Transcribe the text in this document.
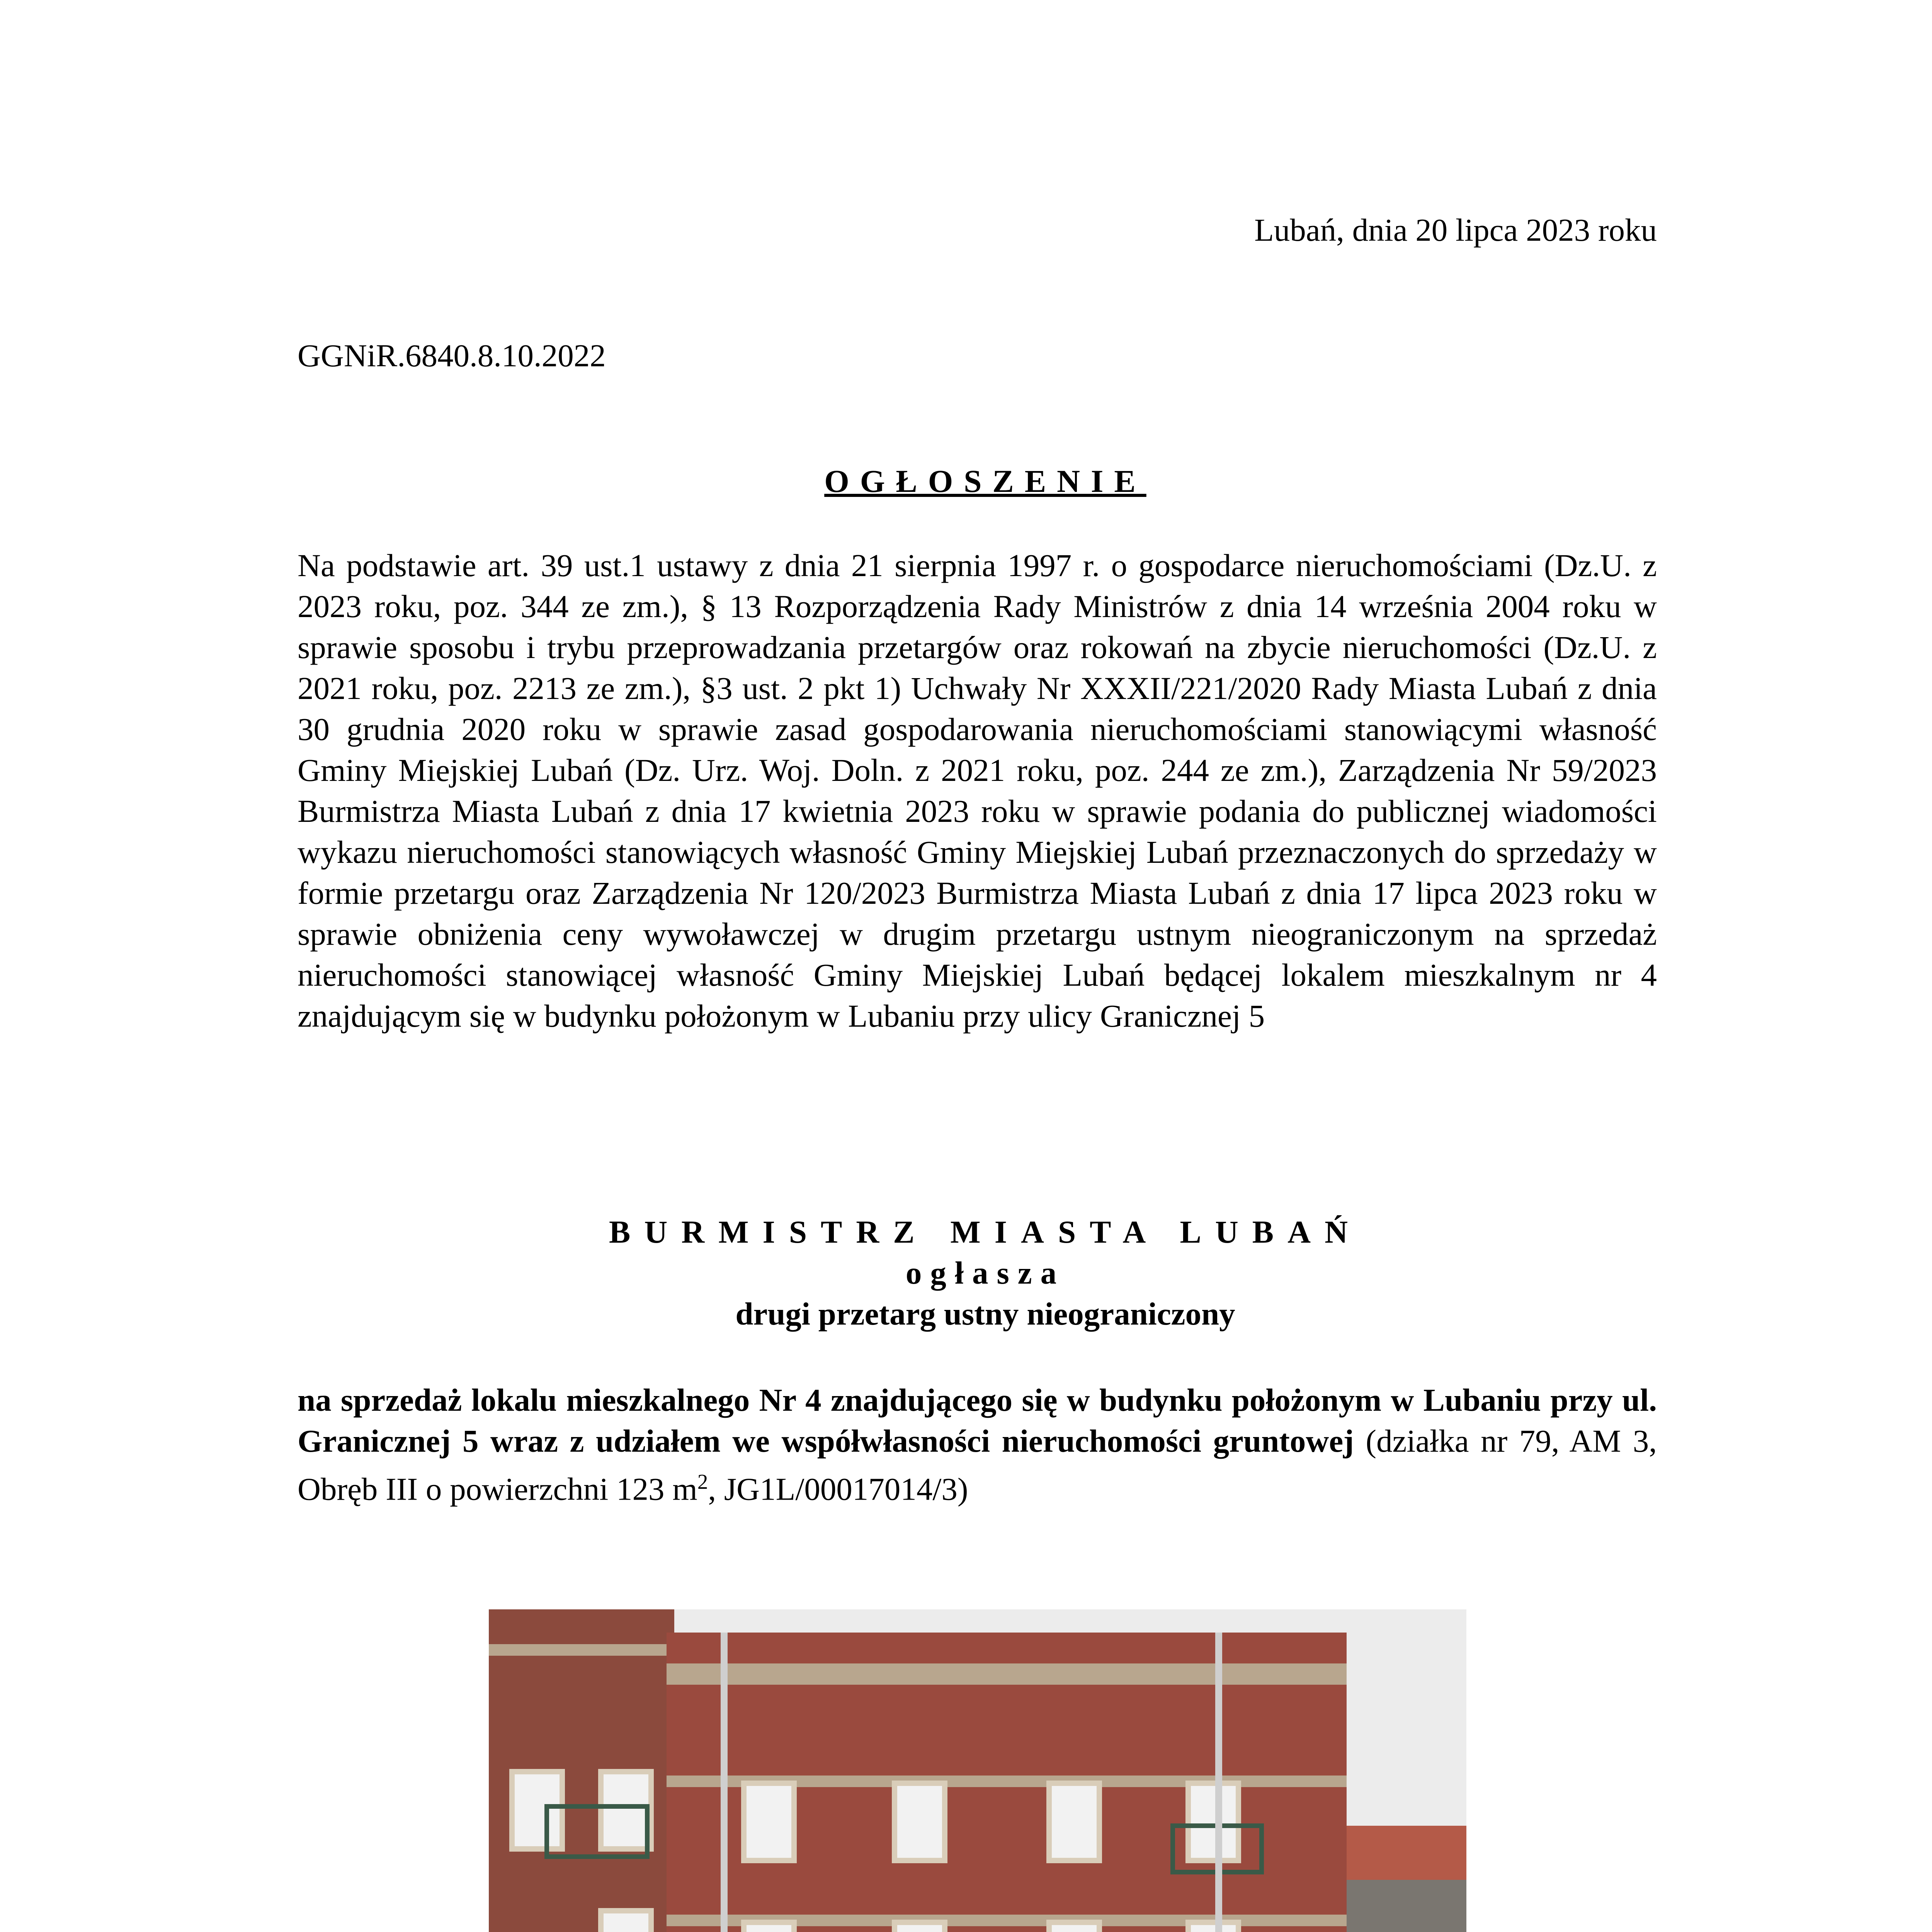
Lubań, dnia 20 lipca 2023 roku
GGNiR.6840.8.10.2022
OGŁOSZENIE
Na podstawie art. 39 ust.1 ustawy z dnia 21 sierpnia 1997 r. o gospodarce nieruchomościami (Dz.U. z 2023 roku, poz. 344 ze zm.), § 13 Rozporządzenia Rady Ministrów z dnia 14 września 2004 roku w sprawie sposobu i trybu przeprowadzania przetargów oraz rokowań na zbycie nieruchomości (Dz.U. z 2021 roku, poz. 2213 ze zm.), §3 ust. 2 pkt 1) Uchwały Nr XXXII/221/2020 Rady Miasta Lubań z dnia 30 grudnia 2020 roku w sprawie zasad gospodarowania nieruchomościami stanowiącymi własność Gminy Miejskiej Lubań (Dz. Urz. Woj. Doln. z 2021 roku, poz. 244 ze zm.), Zarządzenia Nr 59/2023 Burmistrza Miasta Lubań z dnia 17 kwietnia 2023 roku w sprawie podania do publicznej wiadomości wykazu nieruchomości stanowiących własność Gminy Miejskiej Lubań przeznaczonych do sprzedaży w formie przetargu oraz Zarządzenia Nr 120/2023 Burmistrza Miasta Lubań z dnia 17 lipca 2023 roku w sprawie obniżenia ceny wywoławczej w drugim przetargu ustnym nieograniczonym na sprzedaż nieruchomości stanowiącej własność Gminy Miejskiej Lubań będącej lokalem mieszkalnym nr 4 znajdującym się w budynku położonym w Lubaniu przy ulicy Granicznej 5
BURMISTRZ MIASTA LUBAŃ
ogłasza
drugi przetarg ustny nieograniczony
na sprzedaż lokalu mieszkalnego Nr 4 znajdującego się w budynku położonym w Lubaniu przy ul. Granicznej 5 wraz z udziałem we współwłasności nieruchomości gruntowej (działka nr 79, AM 3, Obręb III o powierzchni 123 $m^2$, JG1L/00017014/3)
